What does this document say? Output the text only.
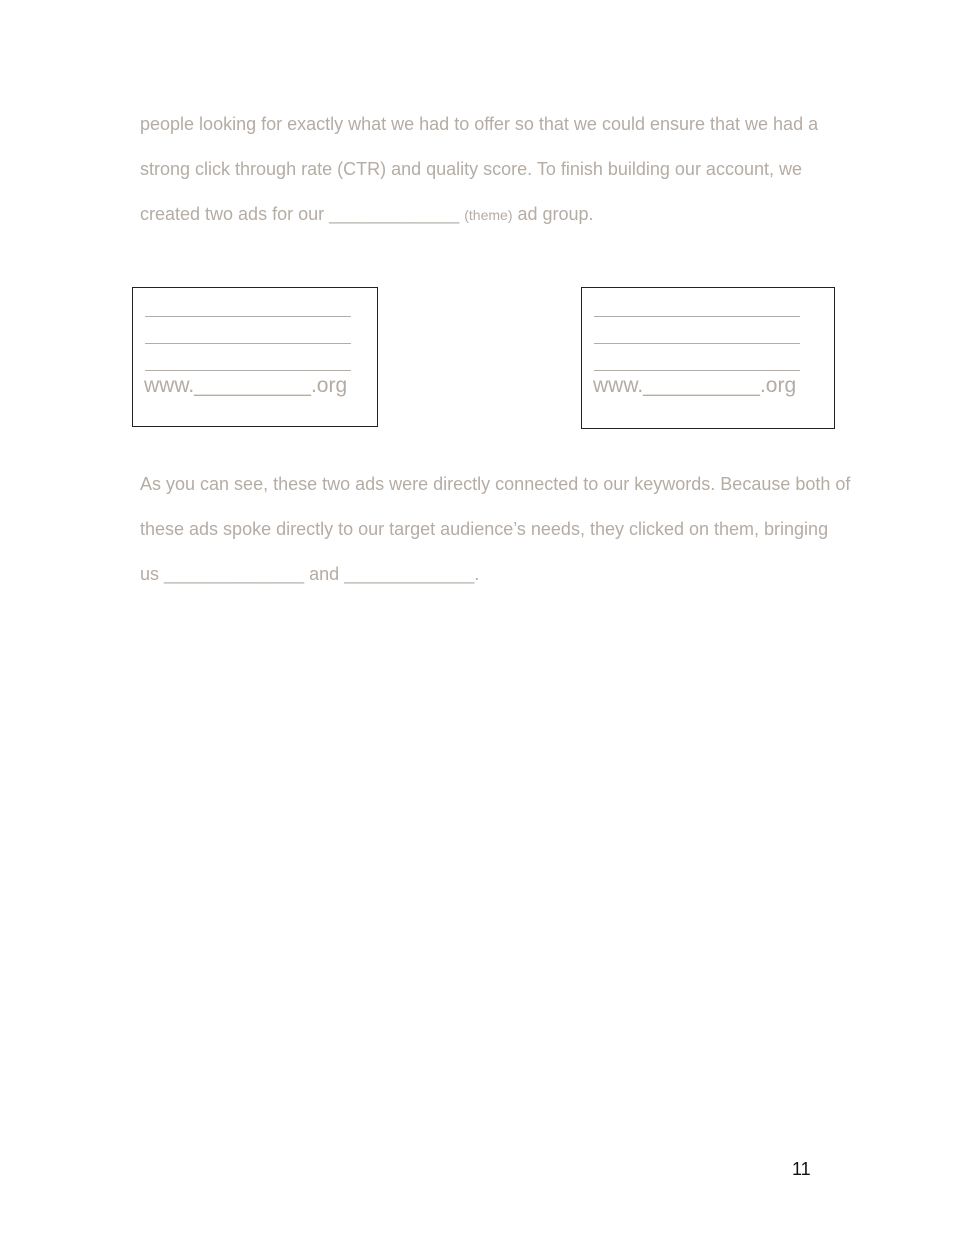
people looking for exactly what we had to offer so that we could ensure that we had a
strong click through rate (CTR) and quality score. To finish building our account, we
created two ads for our _____________ (theme) ad group.
www.__________.org	www.__________.org
As you can see, these two ads were directly connected to our keywords. Because both of
these ads spoke directly to our target audience’s needs, they clicked on them, bringing
us ______________ and _____________.
11
